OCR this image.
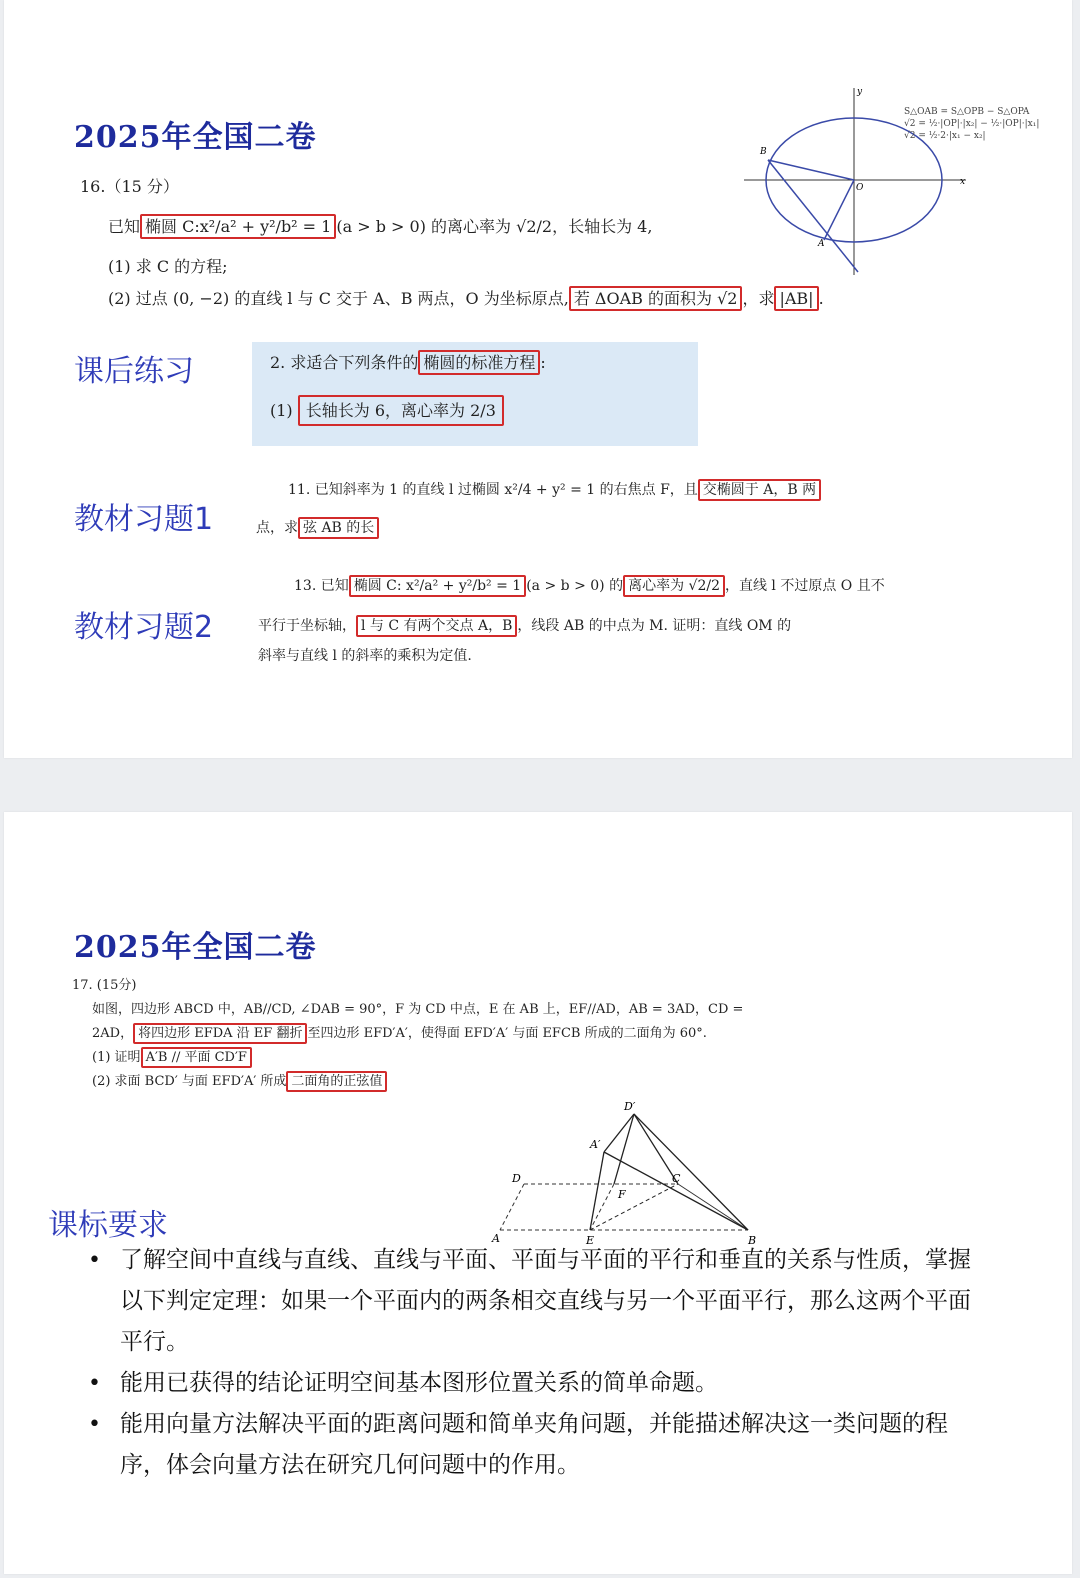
2025年全国二卷
16.（15 分）
已知 椭圆 C:x²/a² + y²/b² = 1 (a > b > 0) 的离心率为 √2/2，长轴长为 4,
(1) 求 C 的方程;
(2) 过点 (0, −2) 的直线 l 与 C 交于 A、B 两点，O 为坐标原点, 若 ΔOAB 的面积为 √2 ，求 |AB| .
B
A
O
x
y
S△OAB = S△OPB − S△OPA
√2 = ½·|OP|·|x₂| − ½·|OP|·|x₁|
√2 = ½·2·|x₁ − x₂|
课后练习	2. 求适合下列条件的 椭圆的标准方程 :
(1) 长轴长为 6，离心率为 2/3
教材习题1
11. 已知斜率为 1 的直线 l 过椭圆 x²/4 + y² = 1 的右焦点 F，且 交椭圆于 A，B 两
点，求 弦 AB 的长
教材习题2
13. 已知 椭圆 C: x²/a² + y²/b² = 1 (a > b > 0) 的 离心率为 √2/2 ，直线 l 不过原点 O 且不
平行于坐标轴， l 与 C 有两个交点 A，B ，线段 AB 的中点为 M. 证明：直线 OM 的
斜率与直线 l 的斜率的乘积为定值.
2025年全国二卷
17. (15分)
如图，四边形 ABCD 中，AB//CD, ∠DAB = 90°，F 为 CD 中点，E 在 AB 上，EF//AD，AB = 3AD，CD =
2AD， 将四边形 EFDA 沿 EF 翻折 至四边形 EFD′A′，使得面 EFD′A′ 与面 EFCB 所成的二面角为 60°.
(1) 证明 A′B // 平面 CD′F
(2) 求面 BCD′ 与面 EFD′A′ 所成 二面角的正弦值
D′
A′
D	C
F
A	E	B
课标要求
• 了解空间中直线与直线、直线与平面、平面与平面的平行和垂直的关系与性质，掌握以下判定定理：如果一个平面内的两条相交直线与另一个平面平行，那么这两个平面平行。
• 能用已获得的结论证明空间基本图形位置关系的简单命题。
• 能用向量方法解决平面的距离问题和简单夹角问题，并能描述解决这一类问题的程序，体会向量方法在研究几何问题中的作用。
